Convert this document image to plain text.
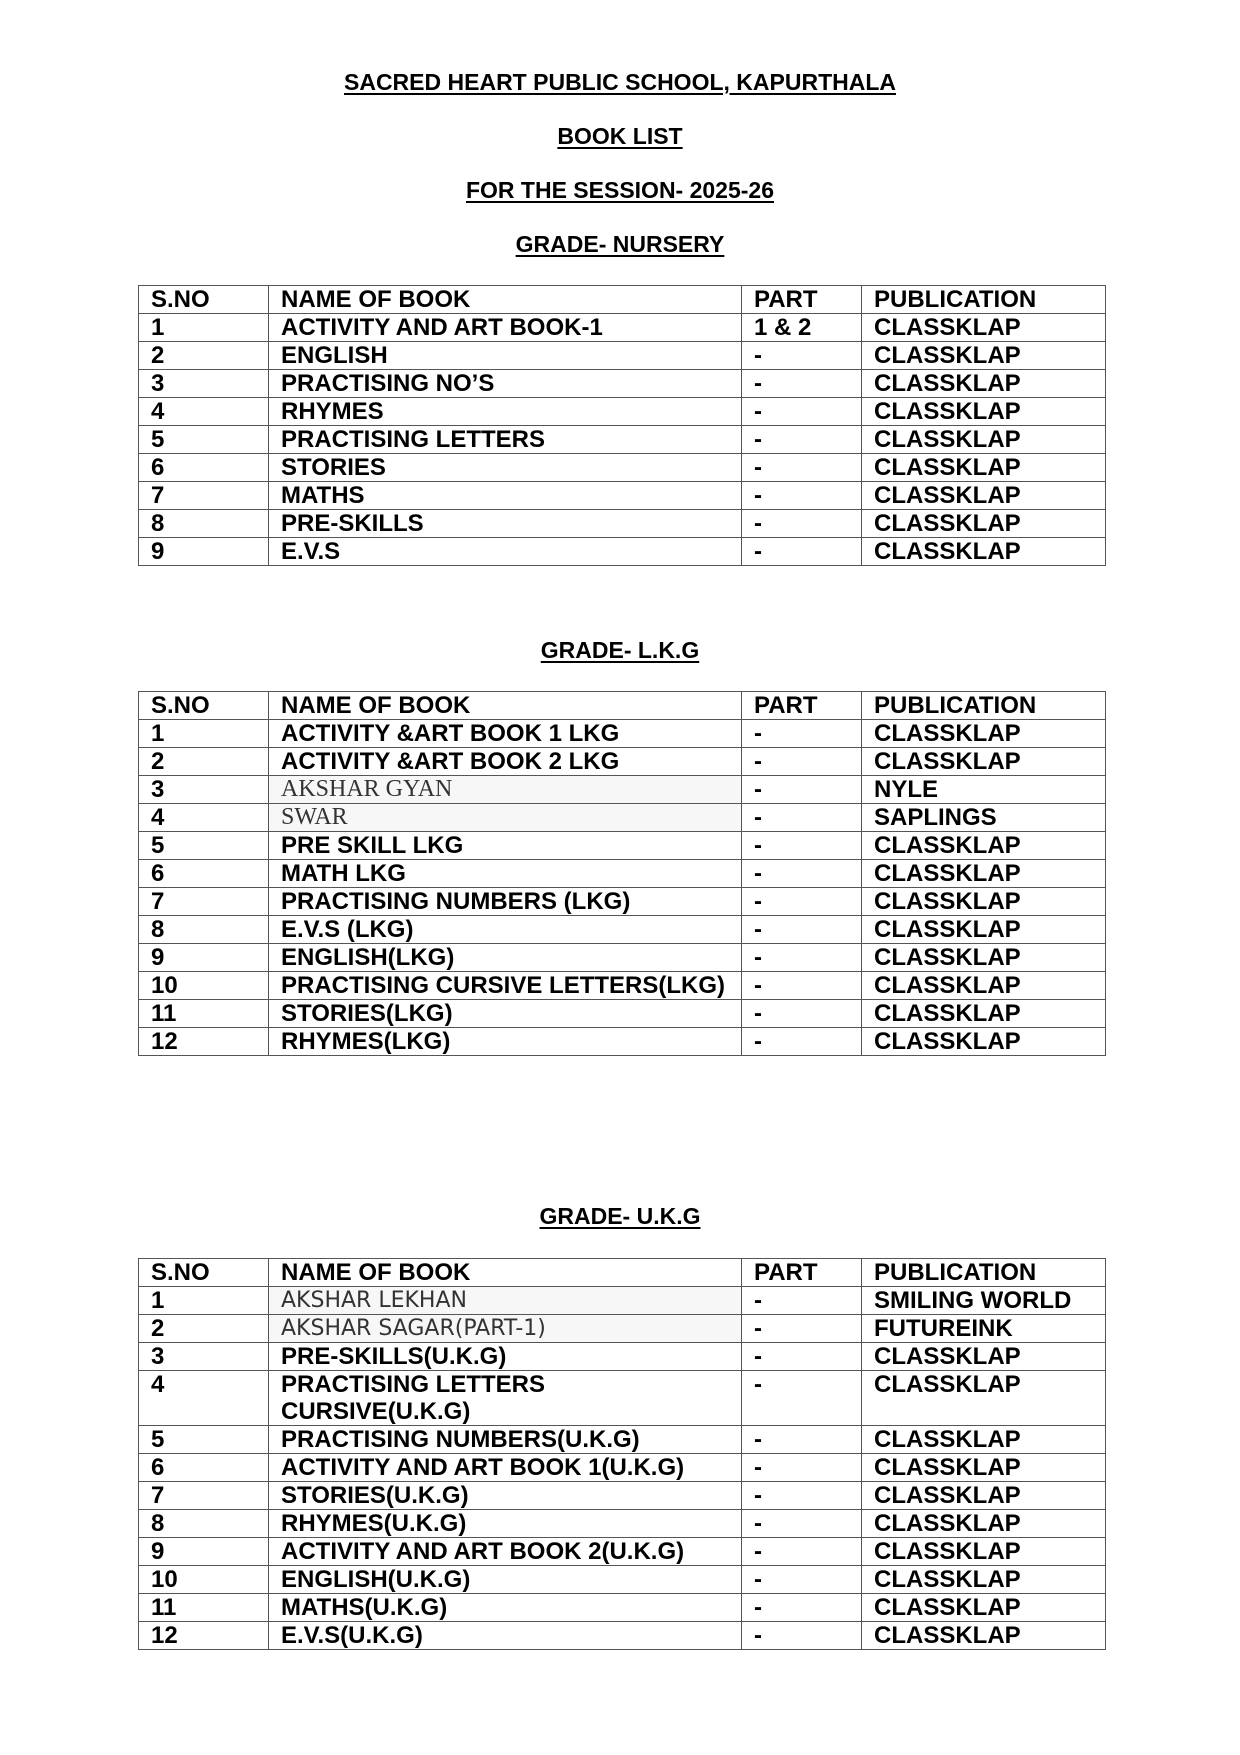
SACRED HEART PUBLIC SCHOOL, KAPURTHALA
BOOK LIST
FOR THE SESSION- 2025-26
GRADE- NURSERY
S.NO	NAME OF BOOK	PART	PUBLICATION
1	ACTIVITY AND ART BOOK-1	1 & 2	CLASSKLAP
2	ENGLISH	-	CLASSKLAP
3	PRACTISING NO’S	-	CLASSKLAP
4	RHYMES	-	CLASSKLAP
5	PRACTISING LETTERS	-	CLASSKLAP
6	STORIES	-	CLASSKLAP
7	MATHS	-	CLASSKLAP
8	PRE-SKILLS	-	CLASSKLAP
9	E.V.S	-	CLASSKLAP
GRADE- L.K.G
S.NO	NAME OF BOOK	PART	PUBLICATION
1	ACTIVITY &ART BOOK 1 LKG	-	CLASSKLAP
2	ACTIVITY &ART BOOK 2 LKG	-	CLASSKLAP
3	AKSHAR GYAN	-	NYLE
4	SWAR	-	SAPLINGS
5	PRE SKILL LKG	-	CLASSKLAP
6	MATH LKG	-	CLASSKLAP
7	PRACTISING NUMBERS (LKG)	-	CLASSKLAP
8	E.V.S (LKG)	-	CLASSKLAP
9	ENGLISH(LKG)	-	CLASSKLAP
10	PRACTISING CURSIVE LETTERS(LKG)	-	CLASSKLAP
11	STORIES(LKG)	-	CLASSKLAP
12	RHYMES(LKG)	-	CLASSKLAP
GRADE- U.K.G
S.NO	NAME OF BOOK	PART	PUBLICATION
1	AKSHAR LEKHAN	-	SMILING WORLD
2	AKSHAR SAGAR(PART-1)	-	FUTUREINK
3	PRE-SKILLS(U.K.G)	-	CLASSKLAP
4	PRACTISING LETTERS CURSIVE(U.K.G)	-	CLASSKLAP
5	PRACTISING NUMBERS(U.K.G)	-	CLASSKLAP
6	ACTIVITY AND ART BOOK 1(U.K.G)	-	CLASSKLAP
7	STORIES(U.K.G)	-	CLASSKLAP
8	RHYMES(U.K.G)	-	CLASSKLAP
9	ACTIVITY AND ART BOOK 2(U.K.G)	-	CLASSKLAP
10	ENGLISH(U.K.G)	-	CLASSKLAP
11	MATHS(U.K.G)	-	CLASSKLAP
12	E.V.S(U.K.G)	-	CLASSKLAP
